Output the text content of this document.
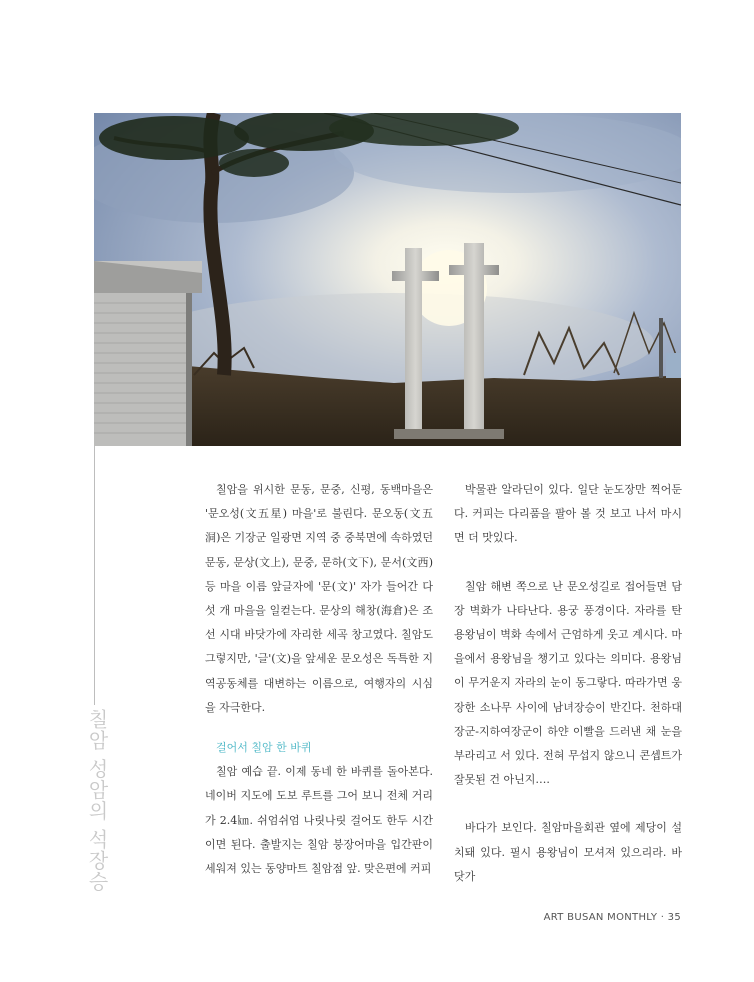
칠암 성암의 석장승

칠암을 위시한 문동, 문중, 신평, 동백마을은 '문오성(文五星) 마을'로 불린다. 문오동(文五洞)은 기장군 일광면 지역 중 중북면에 속하였던 문동, 문상(文上), 문중, 문하(文下), 문서(文西) 등 마을 이름 앞글자에 '문(文)' 자가 들어간 다섯 개 마을을 일컫는다. 문상의 해창(海倉)은 조선 시대 바닷가에 자리한 세곡 창고였다. 칠암도 그렇지만, '글'(文)을 앞세운 문오성은 독특한 지역공동체를 대변하는 이름으로, 여행자의 시심을 자극한다.

걸어서 칠암 한 바퀴

칠암 예습 끝. 이제 동네 한 바퀴를 돌아본다. 네이버 지도에 도보 루트를 그어 보니 전체 거리가 2.4㎞. 쉬엄쉬엄 나릿나릿 걸어도 한두 시간이면 된다. 출발지는 칠암 붕장어마을 입간판이 세워져 있는 동양마트 칠암점 앞. 맞은편에 커피

박물관 알라딘이 있다. 일단 눈도장만 찍어둔다. 커피는 다리품을 팔아 볼 것 보고 나서 마시면 더 맛있다.

칠암 해변 쪽으로 난 문오성길로 접어들면 담장 벽화가 나타난다. 용궁 풍경이다. 자라를 탄 용왕님이 벽화 속에서 근엄하게 웃고 계시다. 마을에서 용왕님을 챙기고 있다는 의미다. 용왕님이 무거운지 자라의 눈이 동그랗다. 따라가면 웅장한 소나무 사이에 남녀장승이 반긴다. 천하대장군-지하여장군이 하얀 이빨을 드러낸 채 눈을 부라리고 서 있다. 전혀 무섭지 않으니 콘셉트가 잘못된 건 아닌지….

바다가 보인다. 칠암마을회관 옆에 제당이 설치돼 있다. 필시 용왕님이 모셔져 있으리라. 바닷가

ART BUSAN MONTHLY · 35
